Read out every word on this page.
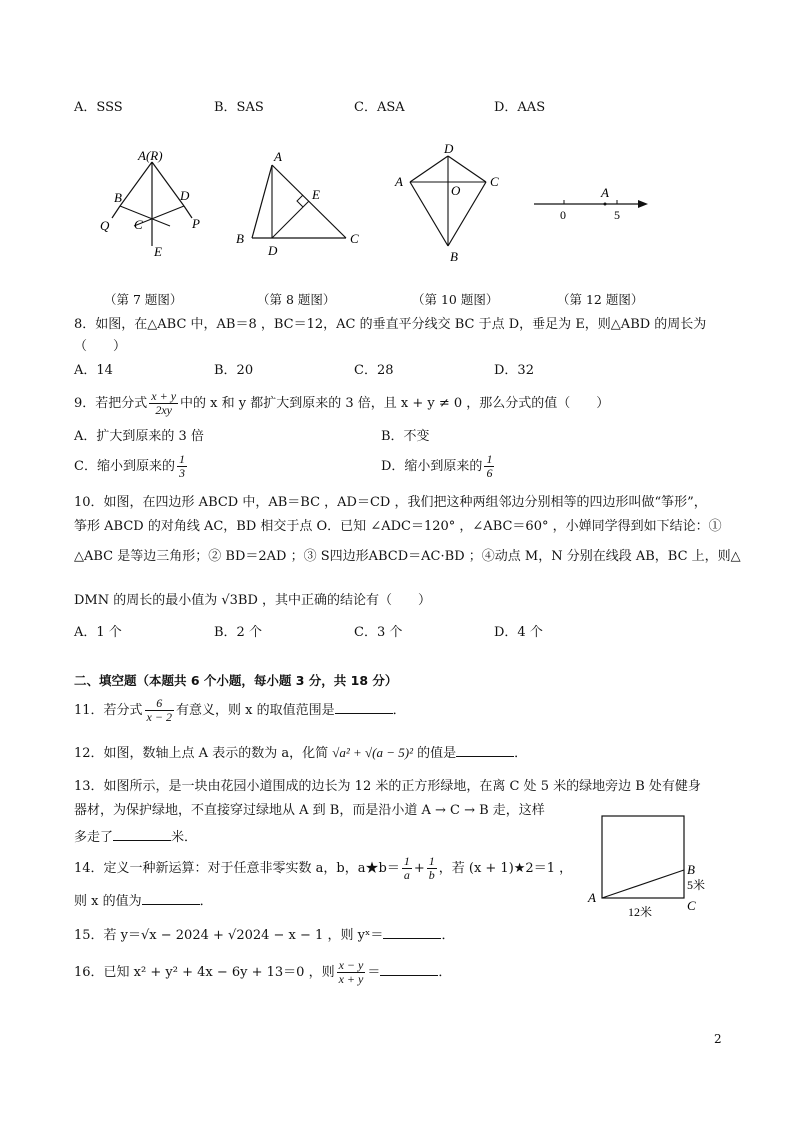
A．SSS	B．SAS	C．ASA	D．AAS
A(R)
B	D
C
Q	P
E
（第 7 题图）
A
E
B
D
C
（第 8 题图）
D
A
O
C
B
（第 10 题图）
A
0	5
（第 12 题图）
8．如图，在△ABC 中，AB＝8 ，BC＝12，AC 的垂直平分线交 BC 于点 D，垂足为 E，则△ABD 的周长为
（　　）
A．14	B．20	C．28	D．32
9．若把分式 $\frac{x + y}{2xy}$ 中的 x 和 y 都扩大到原来的 3 倍，且 x + y ≠ 0 ，那么分式的值（　　）
A．扩大到原来的 3 倍	B．不变
C．缩小到原来的 $\frac{1}{3}$	D．缩小到原来的 $\frac{1}{6}$
10．如图，在四边形 ABCD 中，AB＝BC ，AD＝CD ，我们把这种两组邻边分别相等的四边形叫做“筝形”，
筝形 ABCD 的对角线 AC，BD 相交于点 O．已知 ∠ADC＝120° ，∠ABC＝60° ，小婵同学得到如下结论：①
△ABC 是等边三角形；② BD＝2AD ；③ S四边形ABCD＝AC·BD ；④动点 M，N 分别在线段 AB，BC 上，则△
DMN 的周长的最小值为 √3BD ，其中正确的结论有（　　）
A．1 个	B．2 个	C．3 个	D．4 个
二、填空题（本题共 6 个小题，每小题 3 分，共 18 分）
11．若分式 $\frac{6}{x - 2}$ 有意义，则 x 的取值范围是	．
12．如图，数轴上点 A 表示的数为 a，化简 √a² + √(a − 5)² 的值是	．
13．如图所示，是一块由花园小道围成的边长为 12 米的正方形绿地，在离 C 处 5 米的绿地旁边 B 处有健身
器材，为保护绿地，不直接穿过绿地从 A 到 B，而是沿小道 A → C → B 走，这样
多走了	米．
A
B
5米
C
12米
14．定义一种新运算：对于任意非零实数 a，b，a★b＝ $\frac{1}{a} + \frac{1}{b}$ ，若 (x + 1)★2＝1 ，
则 x 的值为	．
15．若 y＝√x − 2024 + √2024 − x − 1 ，则 yˣ＝	．
16．已知 x² + y² + 4x − 6y + 13＝0 ，则 $\frac{x - y}{x + y}$ ＝	．
2
